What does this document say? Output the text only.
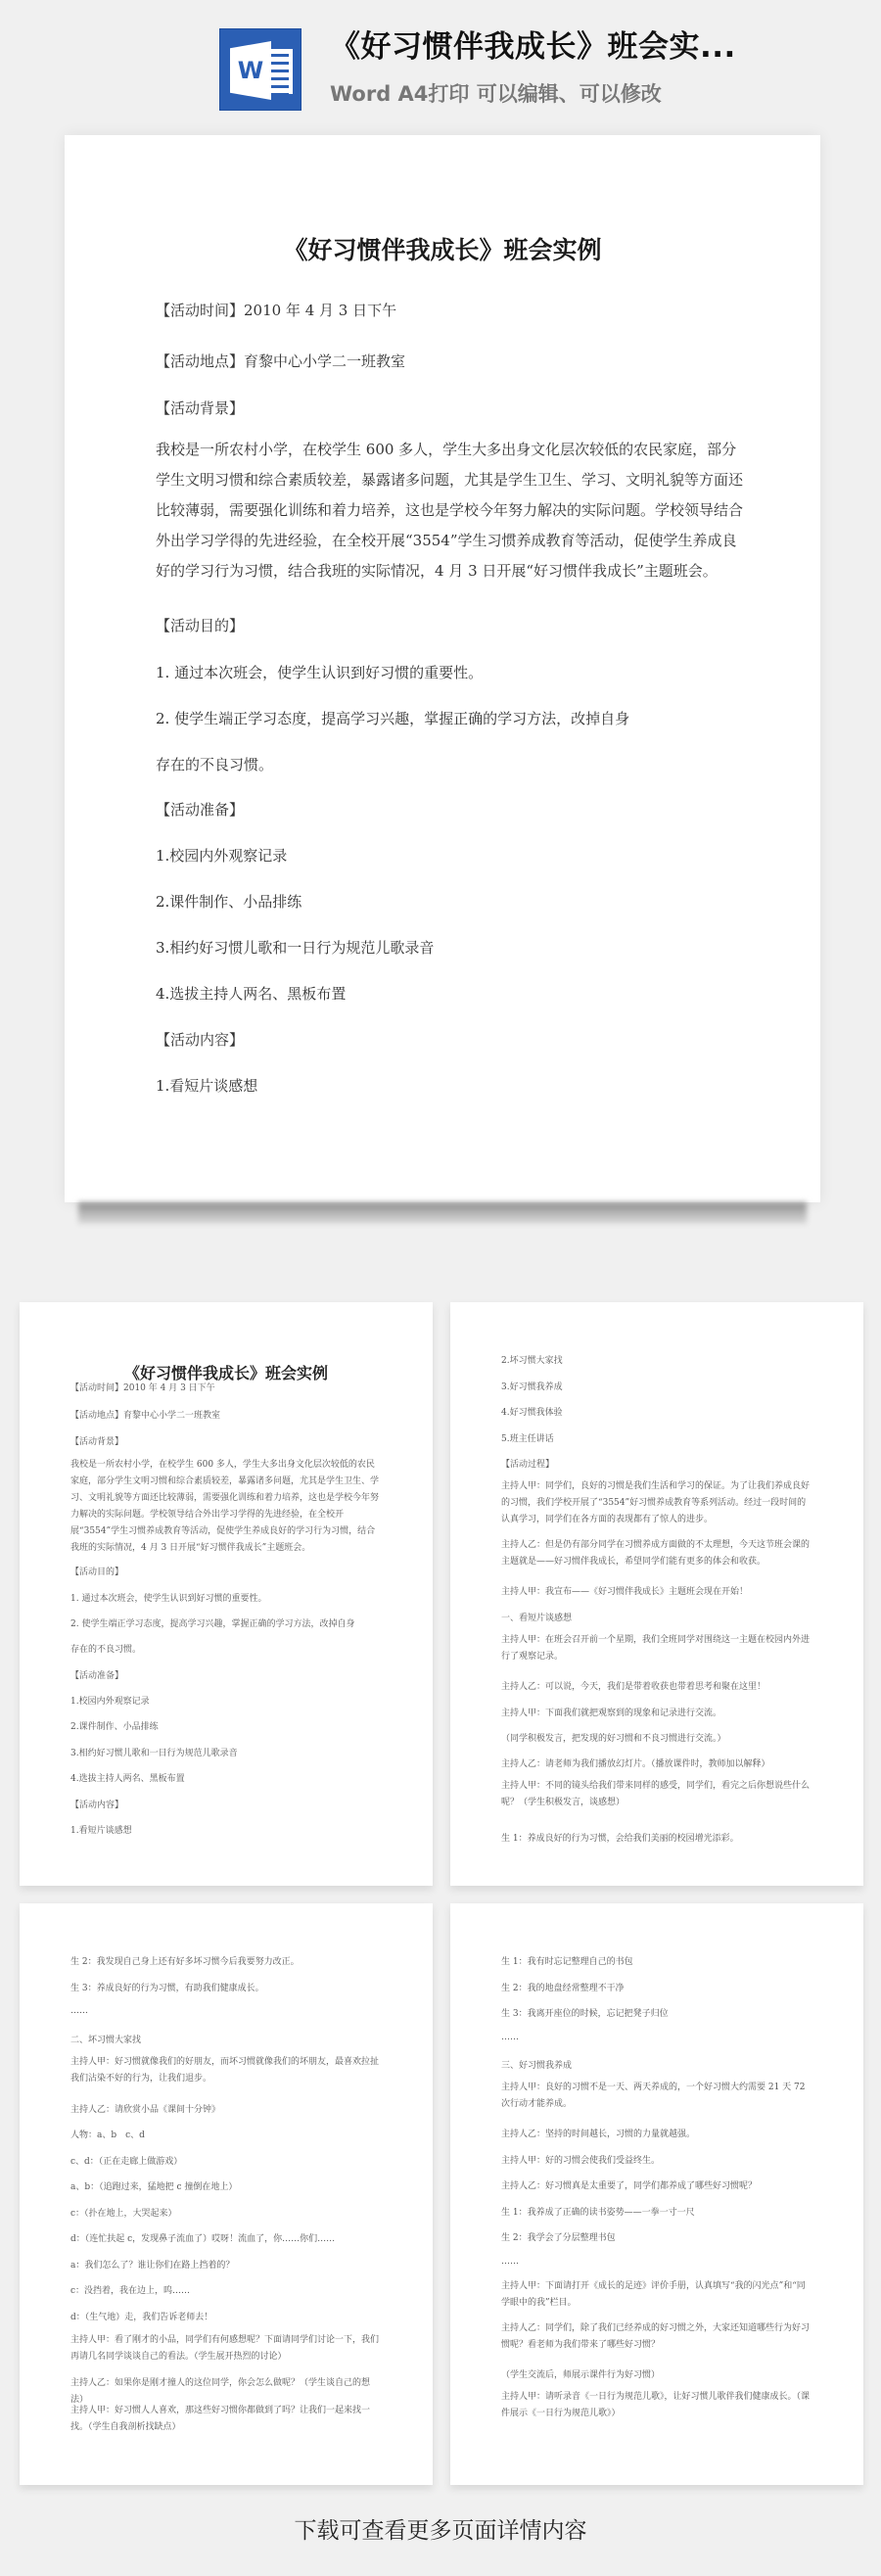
W
《好习惯伴我成长》班会实...
Word A4打印 可以编辑、可以修改
《好习惯伴我成长》班会实例
【活动时间】2010 年 4 月 3 日下午
【活动地点】育黎中心小学二一班教室
【活动背景】
我校是一所农村小学，在校学生 600 多人，学生大多出身文化层次较低的农民家庭，部分学生文明习惯和综合素质较差，暴露诸多问题，尤其是学生卫生、学习、文明礼貌等方面还比较薄弱，需要强化训练和着力培养，这也是学校今年努力解决的实际问题。学校领导结合外出学习学得的先进经验，在全校开展“3554”学生习惯养成教育等活动，促使学生养成良好的学习行为习惯，结合我班的实际情况，4 月 3 日开展“好习惯伴我成长”主题班会。
【活动目的】
1. 通过本次班会，使学生认识到好习惯的重要性。
2. 使学生端正学习态度，提高学习兴趣，掌握正确的学习方法，改掉自身
存在的不良习惯。
【活动准备】
1.校园内外观察记录
2.课件制作、小品排练
3.相约好习惯儿歌和一日行为规范儿歌录音
4.选拔主持人两名、黑板布置
【活动内容】
1.看短片谈感想
《好习惯伴我成长》班会实例
【活动时间】2010 年 4 月 3 日下午
【活动地点】育黎中心小学二一班教室
【活动背景】
我校是一所农村小学，在校学生 600 多人，学生大多出身文化层次较低的农民家庭，部分学生文明习惯和综合素质较差，暴露诸多问题，尤其是学生卫生、学习、文明礼貌等方面还比较薄弱，需要强化训练和着力培养，这也是学校今年努力解决的实际问题。学校领导结合外出学习学得的先进经验，在全校开展“3554”学生习惯养成教育等活动，促使学生养成良好的学习行为习惯，结合我班的实际情况，4 月 3 日开展“好习惯伴我成长”主题班会。
【活动目的】
1. 通过本次班会，使学生认识到好习惯的重要性。
2. 使学生端正学习态度，提高学习兴趣，掌握正确的学习方法，改掉自身
存在的不良习惯。
【活动准备】
1.校园内外观察记录
2.课件制作、小品排练
3.相约好习惯儿歌和一日行为规范儿歌录音
4.选拔主持人两名、黑板布置
【活动内容】
1.看短片谈感想
2.坏习惯大家找
3.好习惯我养成
4.好习惯我体验
5.班主任讲话
【活动过程】
主持人甲：同学们，良好的习惯是我们生活和学习的保证。为了让我们养成良好的习惯，我们学校开展了“3554”好习惯养成教育等系列活动。经过一段时间的认真学习，同学们在各方面的表现都有了惊人的进步。
主持人乙：但是仍有部分同学在习惯养成方面做的不太理想，今天这节班会课的主题就是——好习惯伴我成长，希望同学们能有更多的体会和收获。
主持人甲：我宣布——《好习惯伴我成长》主题班会现在开始！
一、看短片谈感想
主持人甲：在班会召开前一个星期，我们全班同学对围绕这一主题在校园内外进行了观察记录。
主持人乙：可以说，今天，我们是带着收获也带着思考和聚在这里！
主持人甲：下面我们就把观察到的现象和记录进行交流。
（同学积极发言，把发现的好习惯和不良习惯进行交流。）
主持人乙：请老师为我们播放幻灯片。（播放课件时，教师加以解释）
主持人甲：不同的镜头给我们带来同样的感受，同学们，看完之后你想说些什么呢？（学生积极发言，谈感想）
生 1：养成良好的行为习惯，会给我们美丽的校园增光添彩。
生 2：我发现自己身上还有好多坏习惯今后我要努力改正。
生 3：养成良好的行为习惯，有助我们健康成长。
……
二、坏习惯大家找
主持人甲：好习惯就像我们的好朋友，而坏习惯就像我们的坏朋友，最喜欢拉扯我们沾染不好的行为，让我们退步。
主持人乙：请欣赏小品《课间十分钟》
人物：a、b　c、d
c、d：（正在走廊上做游戏）
a、b：（追跑过来，猛地把 c 撞倒在地上）
c：（扑在地上，大哭起来）
d：（连忙扶起 c，发现鼻子流血了）哎呀！流血了，你……你们……
a：我们怎么了？谁让你们在路上挡着的？
c：没挡着，我在边上，呜……
d：（生气地）走，我们告诉老师去！
主持人甲：看了刚才的小品，同学们有何感想呢？下面请同学们讨论一下，我们再请几名同学谈谈自己的看法。（学生展开热烈的讨论）
主持人乙：如果你是刚才撞人的这位同学，你会怎么做呢？（学生谈自己的想法）
主持人甲：好习惯人人喜欢，那这些好习惯你都做到了吗？让我们一起来找一找。（学生自我剖析找缺点）
生 1：我有时忘记整理自己的书包
生 2：我的地盘经常整理不干净
生 3：我离开座位的时候，忘记把凳子归位
……
三、好习惯我养成
主持人甲：良好的习惯不是一天、两天养成的，一个好习惯大约需要 21 天 72 次行动才能养成。
主持人乙：坚持的时间越长，习惯的力量就越强。
主持人甲：好的习惯会使我们受益终生。
主持人乙：好习惯真是太重要了，同学们都养成了哪些好习惯呢？
生 1：我养成了正确的读书姿势——一拳一寸一尺
生 2：我学会了分层整理书包
……
主持人甲：下面请打开《成长的足迹》评价手册，认真填写“我的闪光点”和“同学眼中的我”栏目。
主持人乙：同学们，除了我们已经养成的好习惯之外，大家还知道哪些行为好习惯呢？看老师为我们带来了哪些好习惯？
（学生交流后，师展示课件行为好习惯）
主持人甲：请听录音《一日行为规范儿歌》，让好习惯儿歌伴我们健康成长。（课件展示《一日行为规范儿歌》）
下载可查看更多页面详情内容
